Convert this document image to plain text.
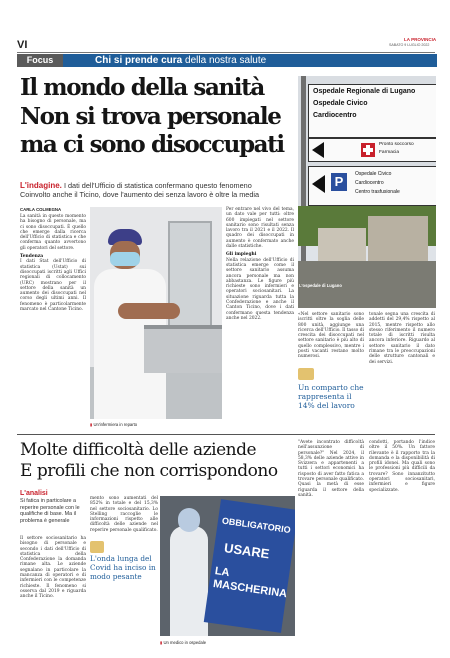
VI	LA PROVINCIA
SABATO 9 LUGLIO 2022
Focus	Chi si prende cura della nostra salute
Il mondo della sanità
Non si trova personale
ma ci sono disoccupati
Ospedale Regionale di Lugano
Ospedale Civico
Cardiocentro
Pronto soccorso
Farmacia
P	Ospedale Civico
Cardiocentro
Centro trasfusionale
L'ospedale di Lugano
L'indagine. I dati dell'Ufficio di statistica confermano questo fenomeno
Coinvolto anche il Ticino, dove l'aumento dei senza lavoro è oltre la media
CARLA COLMEGNA
La sanità in questo momento ha bisogno di personale, ma ci sono disoccupati. È quello che emerge dalla ricerca dell'Ufficio di statistica e che conferma quanto avvertono gli operatori del settore.
Tendenza
I dati Stat dell'Ufficio di statistica (Ustat) sui disoccupati iscritti agli Uffici regionali di collocamento (URC) mostrano per il settore della sanità un aumento dei disoccupati nel corso degli ultimi anni. Il fenomeno è particolarmente marcato nel Cantone Ticino.
▮ Un'infermiera in reparto
Per entrare nel vivo del tema, un dato vale per tutti: oltre 600 impiegati nel settore sanitario sono risultati senza lavoro tra il 2021 e il 2022. Il quadro dei disoccupati in aumento è confermato anche dalle statistiche.
Gli impieghi
Nella relazione dell'Ufficio di statistica emerge come il settore sanitario assuma ancora personale ma non abbastanza. Le figure più richieste sono infermieri e operatori sociosanitari. La situazione riguarda tutta la Confederazione e anche il Canton Ticino, dove i dati confermano questa tendenza anche nel 2022.
«Nel settore sanitario sono iscritti oltre la soglia delle 800 unità, aggiunge una ricerca dell'Ufficio. Il tasso di crescita dei disoccupati nel settore sanitario è più alto di quello complessivo, mentre i posti vacanti restano molto numerosi.
Un comparto che rappresenta il 14% del lavoro
tonale segna una crescita di addetti del 29,4% rispetto al 2015, mentre rispetto allo stesso riferimento il numero totale di iscritti risulta ancora inferiore. Riguardo al settore sanitario il dato rimane tra le preoccupazioni delle strutture cantonali e dei servizi.
Molte difficoltà delle aziende
E profili che non corrispondono
L'analisi
Si fatica in particolare a reperire personale con le qualifiche di base. Ma il problema è generale
Il settore sociosanitario ha bisogno di personale e secondo i dati dell'Ufficio di statistica della Confederazione la domanda rimane alta. Le aziende segnalano in particolare la mancanza di operatori e di infermieri con le competenze richieste. Il fenomeno si osserva dal 2019 e riguarda anche il Ticino.
mento sono aumentati del 852% in totale e del 15,3% nel settore sociosanitario. Lo Stelling raccoglie le informazioni rispetto alle difficoltà delle aziende nel reperire personale qualificato.
L'onda lunga del Covid ha inciso in modo pesante
OBBLIGATORIO
USARE
LA MASCHERINA
▮ Un medico in ospedale
"Avete incontrato difficoltà nell'assunzione di personale?" Nel 2024, il 58,3% delle aziende attive in Svizzera e appartenenti a tutti i settori economici ha risposto di aver fatto fatica a trovare personale qualificato. Quasi la metà di esse riguarda il settore della sanità.
condotti, portando l'indice oltre il 50%. Un fattore rilevante è il rapporto tra la domanda e la disponibilità di profili idonei. Ma quali sono le professioni più difficili da trovare? Sono innanzitutto operatori sociosanitari, infermieri e figure specializzate.
